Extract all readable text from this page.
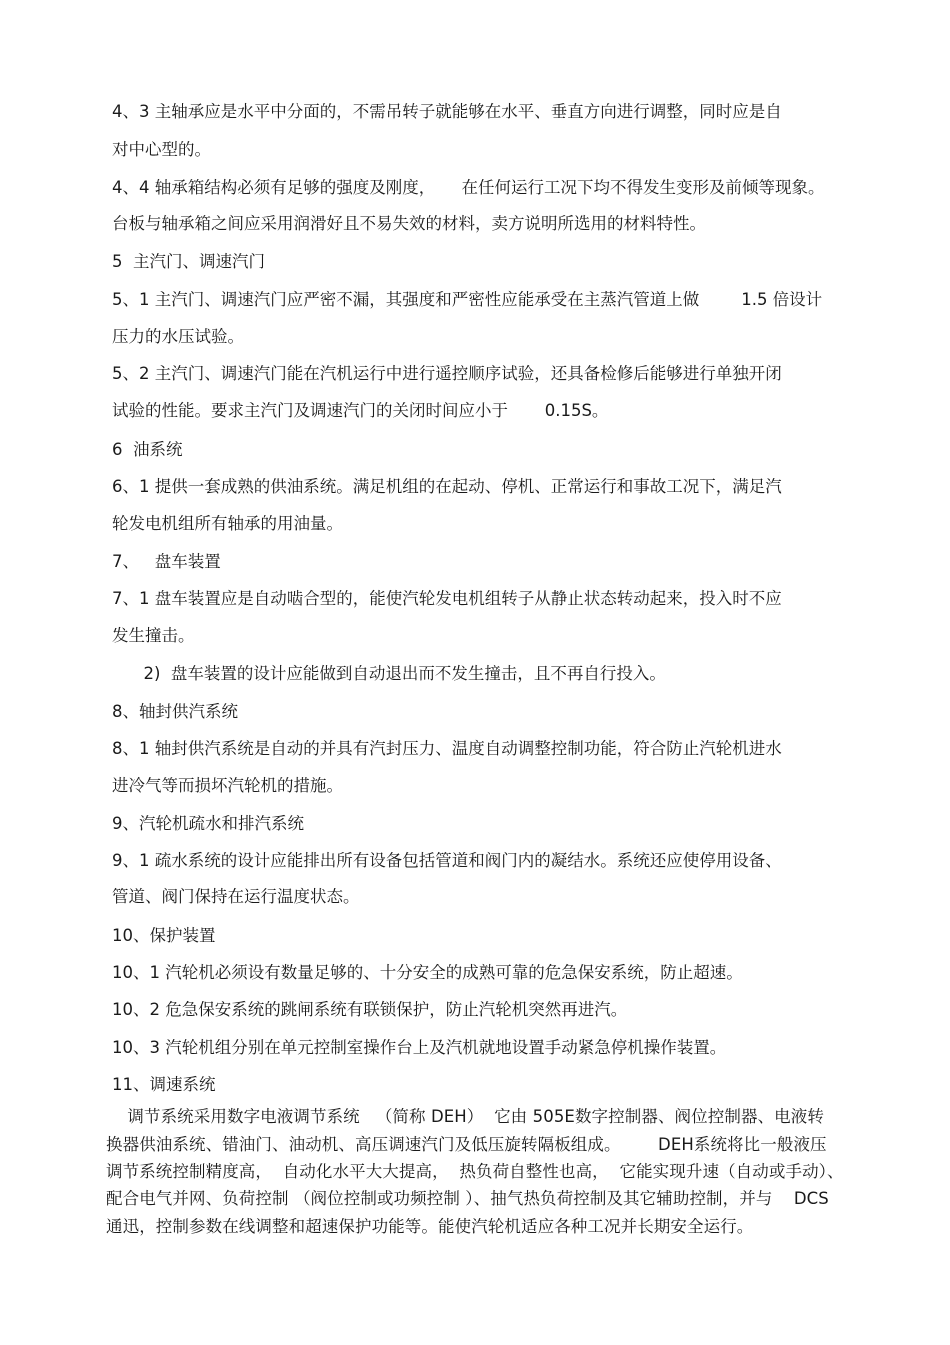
4、3 主轴承应是水平中分面的，不需吊转子就能够在水平、垂直方向进行调整，同时应是自
对中心型的。
4、4 轴承箱结构必须有足够的强度及刚度，     在任何运行工况下均不得发生变形及前倾等现象。
台板与轴承箱之间应采用润滑好且不易失效的材料，卖方说明所选用的材料特性。
5  主汽门、调速汽门
5、1 主汽门、调速汽门应严密不漏，其强度和严密性应能承受在主蒸汽管道上做        1.5 倍设计
压力的水压试验。
5、2 主汽门、调速汽门能在汽机运行中进行遥控顺序试验，还具备检修后能够进行单独开闭
试验的性能。要求主汽门及调速汽门的关闭时间应小于       0.15S。
6  油系统
6、1 提供一套成熟的供油系统。满足机组的在起动、停机、正常运行和事故工况下，满足汽
轮发电机组所有轴承的用油量。
7、   盘车装置
7、1 盘车装置应是自动啮合型的，能使汽轮发电机组转子从静止状态转动起来，投入时不应
发生撞击。
2)  盘车装置的设计应能做到自动退出而不发生撞击，且不再自行投入。
8、轴封供汽系统
8、1 轴封供汽系统是自动的并具有汽封压力、温度自动调整控制功能，符合防止汽轮机进水
进冷气等而损坏汽轮机的措施。
9、汽轮机疏水和排汽系统
9、1 疏水系统的设计应能排出所有设备包括管道和阀门内的凝结水。系统还应使停用设备、
管道、阀门保持在运行温度状态。
10、保护装置
10、1 汽轮机必须设有数量足够的、十分安全的成熟可靠的危急保安系统，防止超速。
10、2 危急保安系统的跳闸系统有联锁保护，防止汽轮机突然再进汽。
10、3 汽轮机组分别在单元控制室操作台上及汽机就地设置手动紧急停机操作装置。
11、调速系统
调节系统采用数字电液调节系统   （简称 DEH）  它由 505E数字控制器、阀位控制器、电液转
换器供油系统、错油门、油动机、高压调速汽门及低压旋转隔板组成。       DEH系统将比一般液压
调节系统控制精度高，  自动化水平大大提高，  热负荷自整性也高，  它能实现升速（自动或手动）、
配合电气并网、负荷控制 （阀位控制或功频控制 ）、抽气热负荷控制及其它辅助控制，并与    DCS
通迅，控制参数在线调整和超速保护功能等。能使汽轮机适应各种工况并长期安全运行。
